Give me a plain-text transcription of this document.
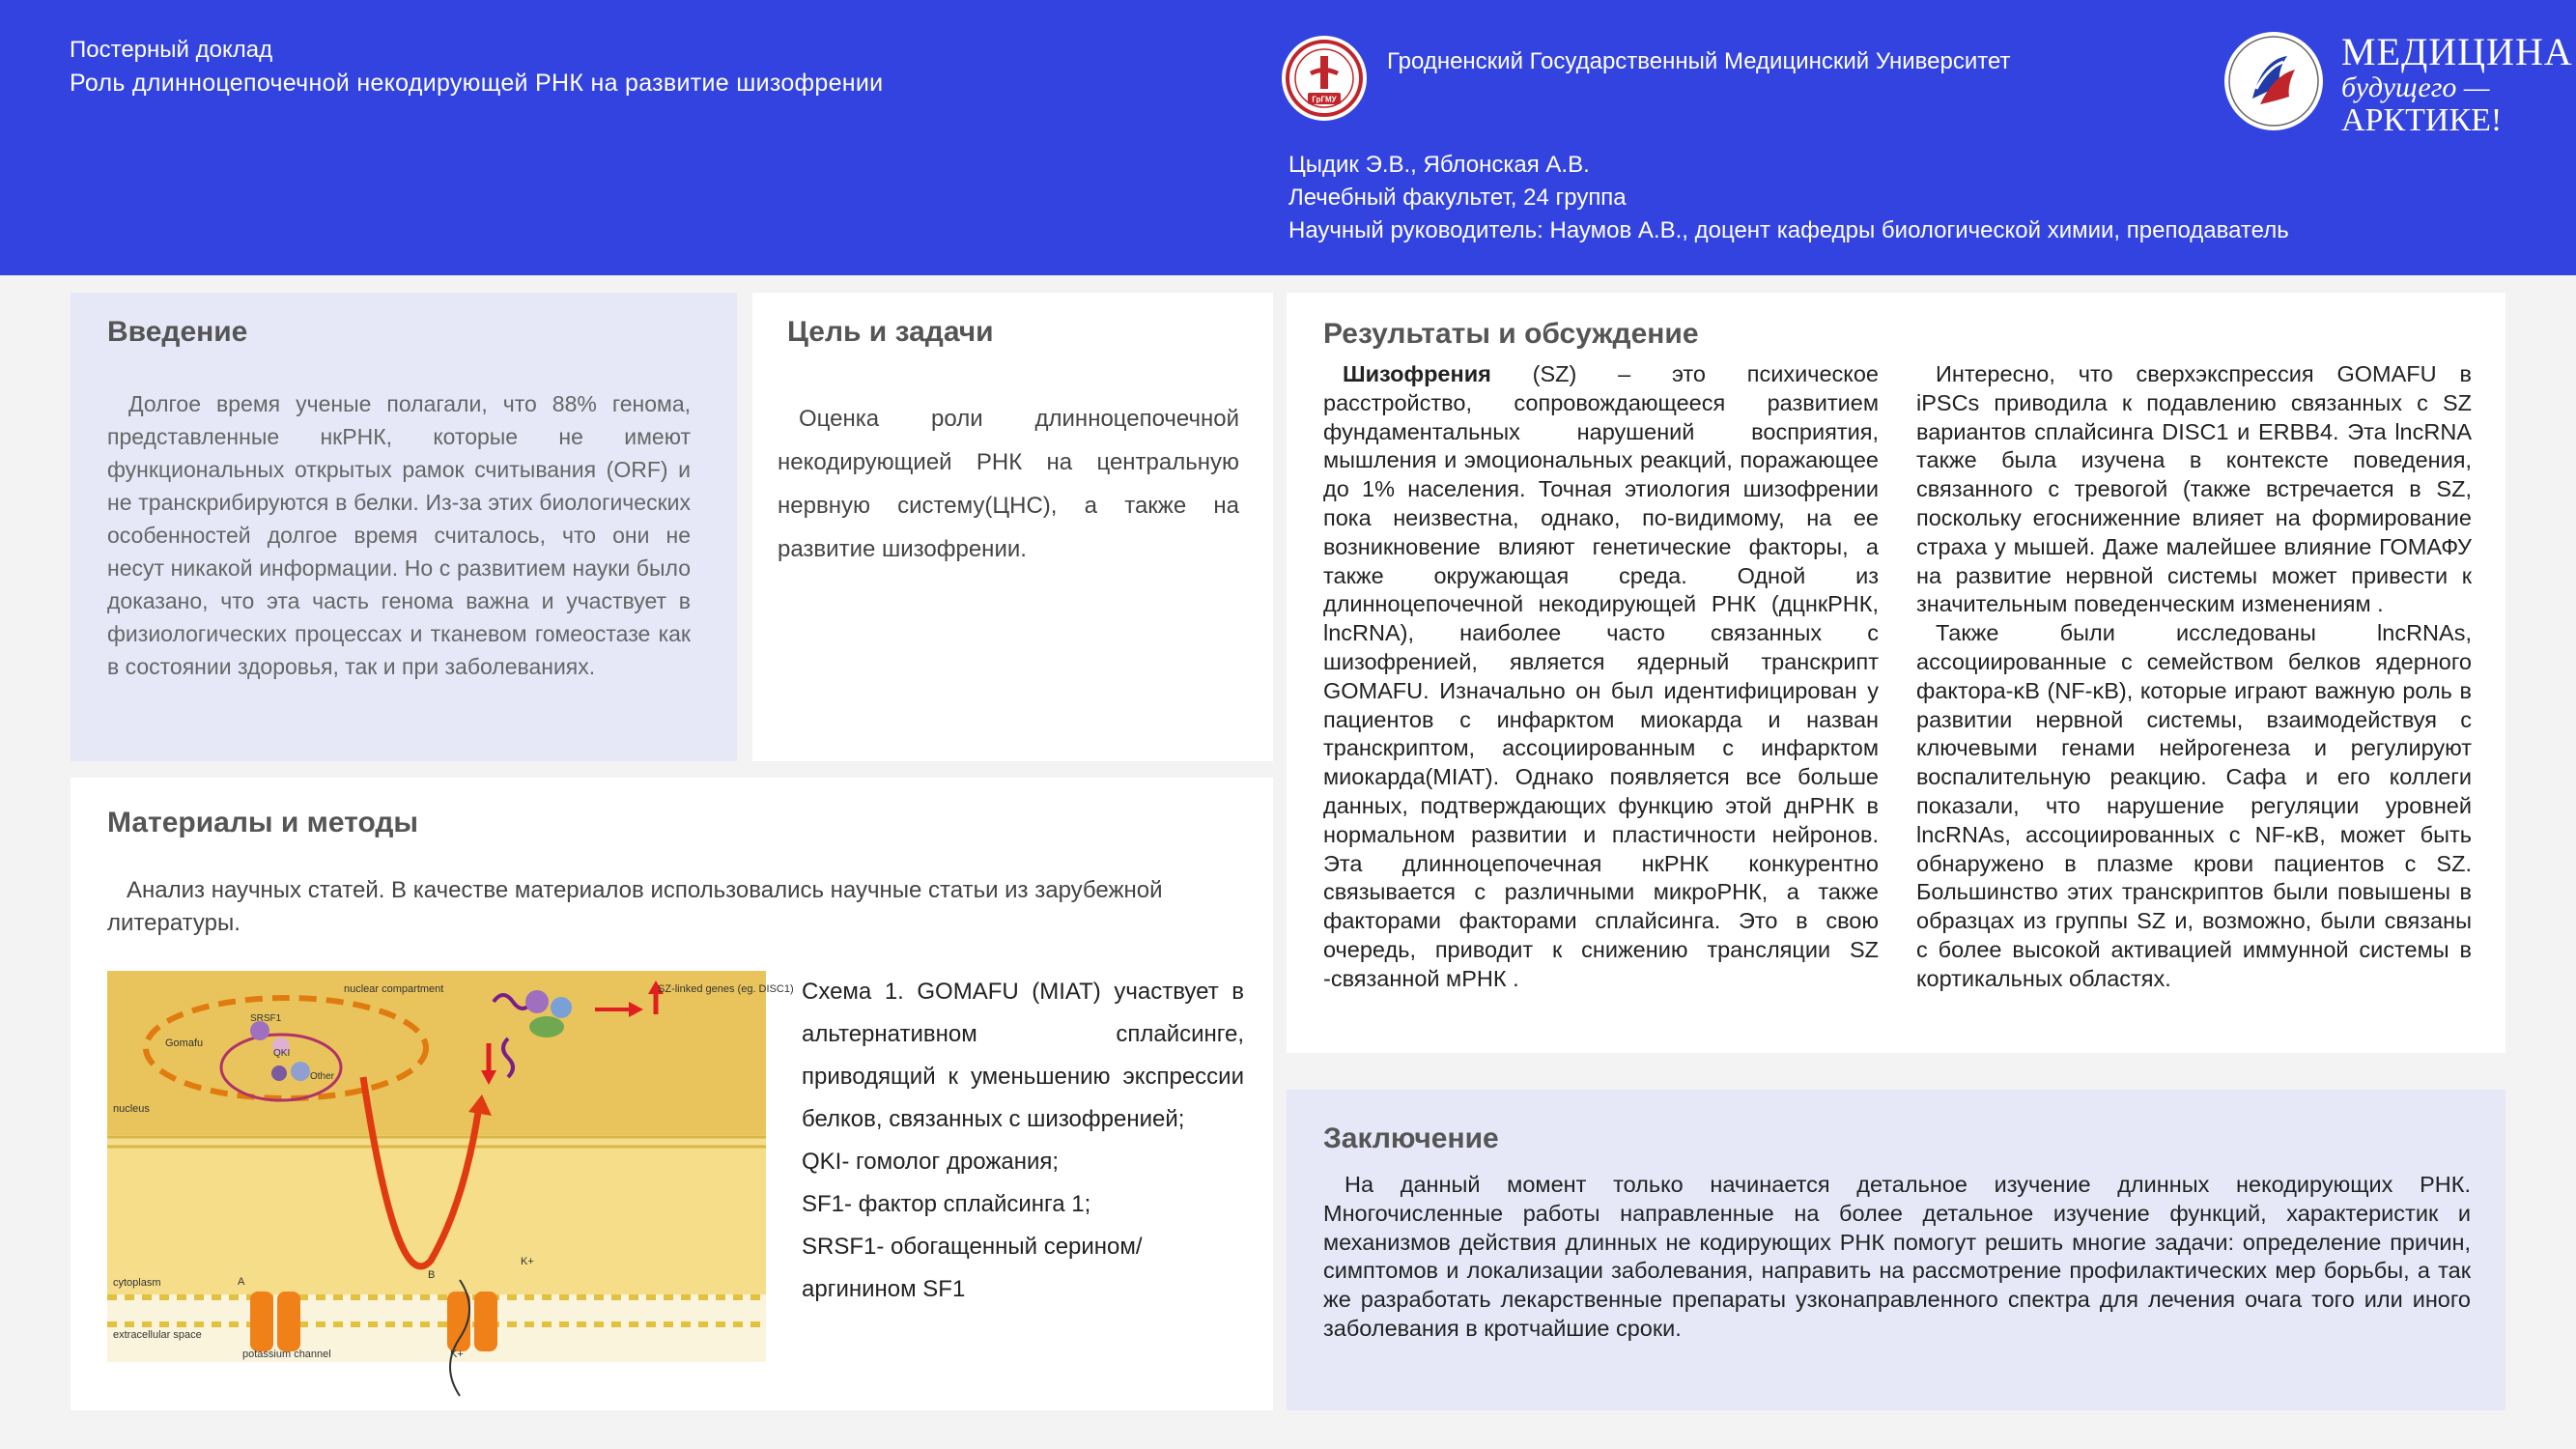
Постерный доклад
Роль длинноцепочечной некодирующей РНК на развитие шизофрении
ГрГМУ
Гродненский Государственный Медицинский Университет	МЕДИЦИНА
будущего —
АРКТИКЕ!
Цыдик Э.В., Яблонская А.В.
Лечебный факультет, 24 группа
Научный руководитель: Наумов А.В., доцент кафедры биологической химии, преподаватель
Введение
Долгое время ученые полагали, что 88% генома, представленные нкРНК, которые не имеют функциональных открытых рамок считывания (ORF) и не транскрибируются в белки. Из-за этих биологических особенностей долгое время считалось, что они не несут никакой информации. Но с развитием науки было доказано, что эта часть генома важна и участвует в физиологических процессах и тканевом гомеостазе как в состоянии здоровья, так и при заболеваниях.
Цель и задачи
Оценка роли длинноцепочечной некодирующией РНК на центральную нервную систему(ЦНС), а также на развитие шизофрении.
Материалы и методы
Анализ научных статей. В качестве материалов использовались научные статьи из зарубежной литературы.
nuclear compartment
Gomafu
SRSF1
QKI
Other
SZ-linked genes (eg. DISC1)
nucleus
cytoplasm
extracellular space
potassium channel
A
B
K+
K+
Схема 1. GOMAFU (MIAT) участвует в альтернативном сплайсинге, приводящий к уменьшению экспрессии белков, связанных с шизофренией;
QKI- гомолог дрожания;
SF1- фактор сплайсинга 1;
SRSF1- обогащенный серином/ аргинином SF1
Результаты и обсуждение

Шизофрения (SZ) – это психическое расстройство, сопровождающееся развитием фундаментальных нарушений восприятия, мышления и эмоциональных реакций, поражающее до 1% населения. Точная этиология шизофрении пока неизвестна, однако, по-видимому, на ее возникновение влияют генетические факторы, а также окружающая среда. Одной из длинноцепочечной некодирующей РНК (дцнкРНК, lncRNA), наиболее часто связанных с шизофренией, является ядерный транскрипт GOMAFU. Изначально он был идентифицирован у пациентов с инфарктом миокарда и назван транскриптом, ассоциированным с инфарктом миокарда(MIAT). Однако появляется все больше данных, подтверждающих функцию этой днРНК в нормальном развитии и пластичности нейронов. Эта длинноцепочечная нкРНК конкурентно связывается с различными микроРНК, а также факторами факторами сплайсинга. Это в свою очередь, приводит к снижению трансляции SZ -связанной мРНК .

Интересно, что сверхэкспрессия GOMAFU в iPSCs приводила к подавлению связанных с SZ вариантов сплайсинга DISC1 и ERBB4. Эта lncRNA также была изучена в контексте поведения, связанного с тревогой (также встречается в SZ, поскольку егосниженние влияет на формирование страха у мышей. Даже малейшее влияние ГОМАФУ на развитие нервной системы может привести к значительным поведенческим изменениям .

Также были исследованы lncRNAs, ассоциированные с семейством белков ядерного фактора-κB (NF-κB), которые играют важную роль в развитии нервной системы, взаимодействуя с ключевыми генами нейрогенеза и регулируют воспалительную реакцию. Сафа и его коллеги показали, что нарушение регуляции уровней lncRNAs, ассоциированных с NF-κB, может быть обнаружено в плазме крови пациентов с SZ. Большинство этих транскриптов были повышены в образцах из группы SZ и, возможно, были связаны с более высокой активацией иммунной системы в кортикальных областях.

Заключение
На данный момент только начинается детальное изучение длинных некодирующих РНК. Многочисленные работы направленные на более детальное изучение функций, характеристик и механизмов действия длинных не кодирующих РНК помогут решить многие задачи: определение причин, симптомов и локализации заболевания, направить на рассмотрение профилактических мер борьбы, а так же разработать лекарственные препараты узконаправленного спектра для лечения очага того или иного заболевания в кротчайшие сроки.
